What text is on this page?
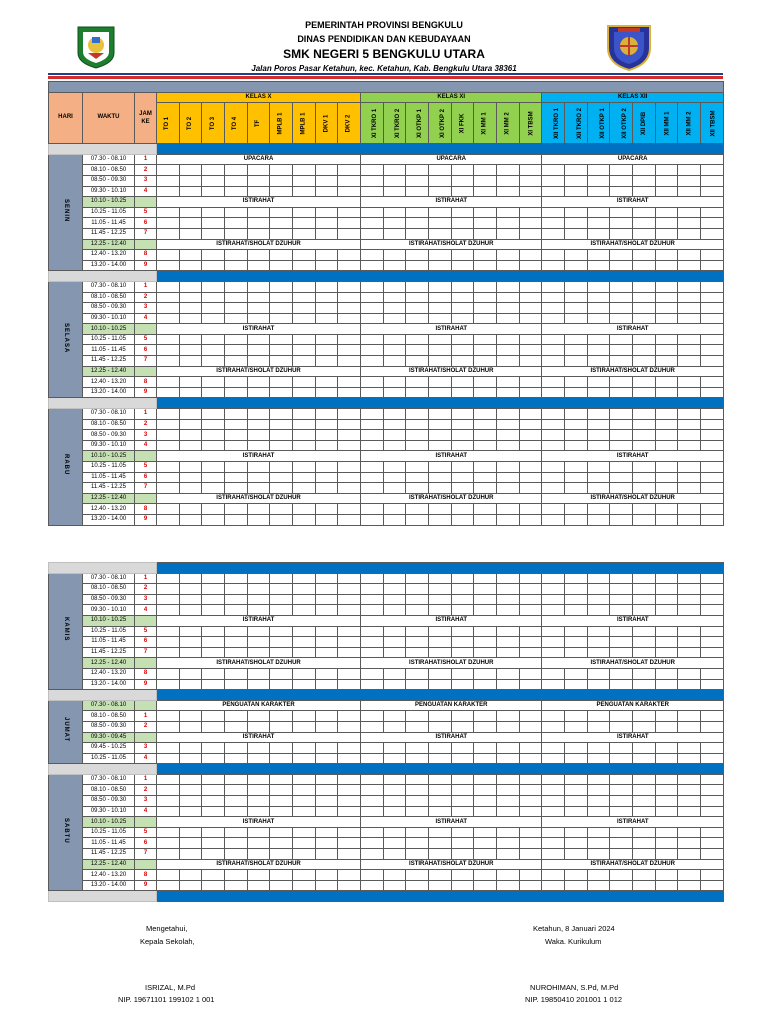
PEMERINTAH PROVINSI BENGKULU
DINAS PENDIDIKAN DAN KEBUDAYAAN
SMK NEGERI 5 BENGKULU UTARA
Jalan Poros Pasar Ketahun, kec. Ketahun, Kab. Bengkulu Utara 38361

HARI	WAKTU	JAM KE	KELAS X									KELAS XI								KELAS XII							
			TO 1	TO 2	TO 3	TO 4	TF	MPLB 1	MPLB 1	DKV 1	DKV 2	XI TKRO 1	XI TKRO 2	XI OTKP 1	XI OTKP 2	XI FKK	XI MM 1	XI MM 2	XI TBSM	XII TKRO 1	XII TKRO 2	XII OTKP 1	XII OTKP 2	XII DPIB	XII MM 1	XII MM 2	XII TBSM

SENIN	07.30 - 08.10	1	UPACARA									UPACARA								UPACARA							
	08.10 - 08.50	2																									
	08.50 - 09.30	3																									
	09.30 - 10.10	4																									
	10.10 - 10.25		ISTIRAHAT									ISTIRAHAT								ISTIRAHAT							
	10.25 - 11.05	5																									
	11.05 - 11.45	6																									
	11.45 - 12.25	7																									
	12.25 - 12.40		ISTIRAHAT/SHOLAT DZUHUR									ISTIRAHAT/SHOLAT DZUHUR								ISTIRAHAT/SHOLAT DZUHUR							
	12.40 - 13.20	8																									
	13.20 - 14.00	9																									

SELASA	07.30 - 08.10	1																									
	08.10 - 08.50	2																									
	08.50 - 09.30	3																									
	09.30 - 10.10	4																									
	10.10 - 10.25		ISTIRAHAT									ISTIRAHAT								ISTIRAHAT							
	10.25 - 11.05	5																									
	11.05 - 11.45	6																									
	11.45 - 12.25	7																									
	12.25 - 12.40		ISTIRAHAT/SHOLAT DZUHUR									ISTIRAHAT/SHOLAT DZUHUR								ISTIRAHAT/SHOLAT DZUHUR							
	12.40 - 13.20	8																									
	13.20 - 14.00	9																									

RABU	07.30 - 08.10	1																									
	08.10 - 08.50	2																									
	08.50 - 09.30	3																									
	09.30 - 10.10	4																									
	10.10 - 10.25		ISTIRAHAT									ISTIRAHAT								ISTIRAHAT							
	10.25 - 11.05	5																									
	11.05 - 11.45	6																									
	11.45 - 12.25	7																									
	12.25 - 12.40		ISTIRAHAT/SHOLAT DZUHUR									ISTIRAHAT/SHOLAT DZUHUR								ISTIRAHAT/SHOLAT DZUHUR							
	12.40 - 13.20	8																									
	13.20 - 14.00	9																									

KAMIS	07.30 - 08.10	1																									
	08.10 - 08.50	2																									
	08.50 - 09.30	3																									
	09.30 - 10.10	4																									
	10.10 - 10.25		ISTIRAHAT									ISTIRAHAT								ISTIRAHAT							
	10.25 - 11.05	5																									
	11.05 - 11.45	6																									
	11.45 - 12.25	7																									
	12.25 - 12.40		ISTIRAHAT/SHOLAT DZUHUR									ISTIRAHAT/SHOLAT DZUHUR								ISTIRAHAT/SHOLAT DZUHUR							
	12.40 - 13.20	8																									
	13.20 - 14.00	9																									

JUMAT	07.30 - 08.10		PENGUATAN KARAKTER									PENGUATAN KARAKTER								PENGUATAN KARAKTER							
	08.10 - 08.50	1																									
	08.50 - 09.30	2																									
	09.30 - 09.45		ISTIRAHAT									ISTIRAHAT								ISTIRAHAT							
	09.45 - 10.25	3																									
	10.25 - 11.05	4																									

SABTU	07.30 - 08.10	1																									
	08.10 - 08.50	2																									
	08.50 - 09.30	3																									
	09.30 - 10.10	4																									
	10.10 - 10.25		ISTIRAHAT									ISTIRAHAT								ISTIRAHAT							
	10.25 - 11.05	5																									
	11.05 - 11.45	6																									
	11.45 - 12.25	7																									
	12.25 - 12.40		ISTIRAHAT/SHOLAT DZUHUR									ISTIRAHAT/SHOLAT DZUHUR								ISTIRAHAT/SHOLAT DZUHUR							
	12.40 - 13.20	8																									
	13.20 - 14.00	9																									

Mengetahui,
Kepala Sekolah,
ISRIZAL, M.Pd
NIP. 19671101 199102 1 001
Ketahun, 8 Januari 2024
Waka. Kurikulum
NUROHIMAN, S.Pd, M.Pd
NIP. 19850410 201001 1 012
